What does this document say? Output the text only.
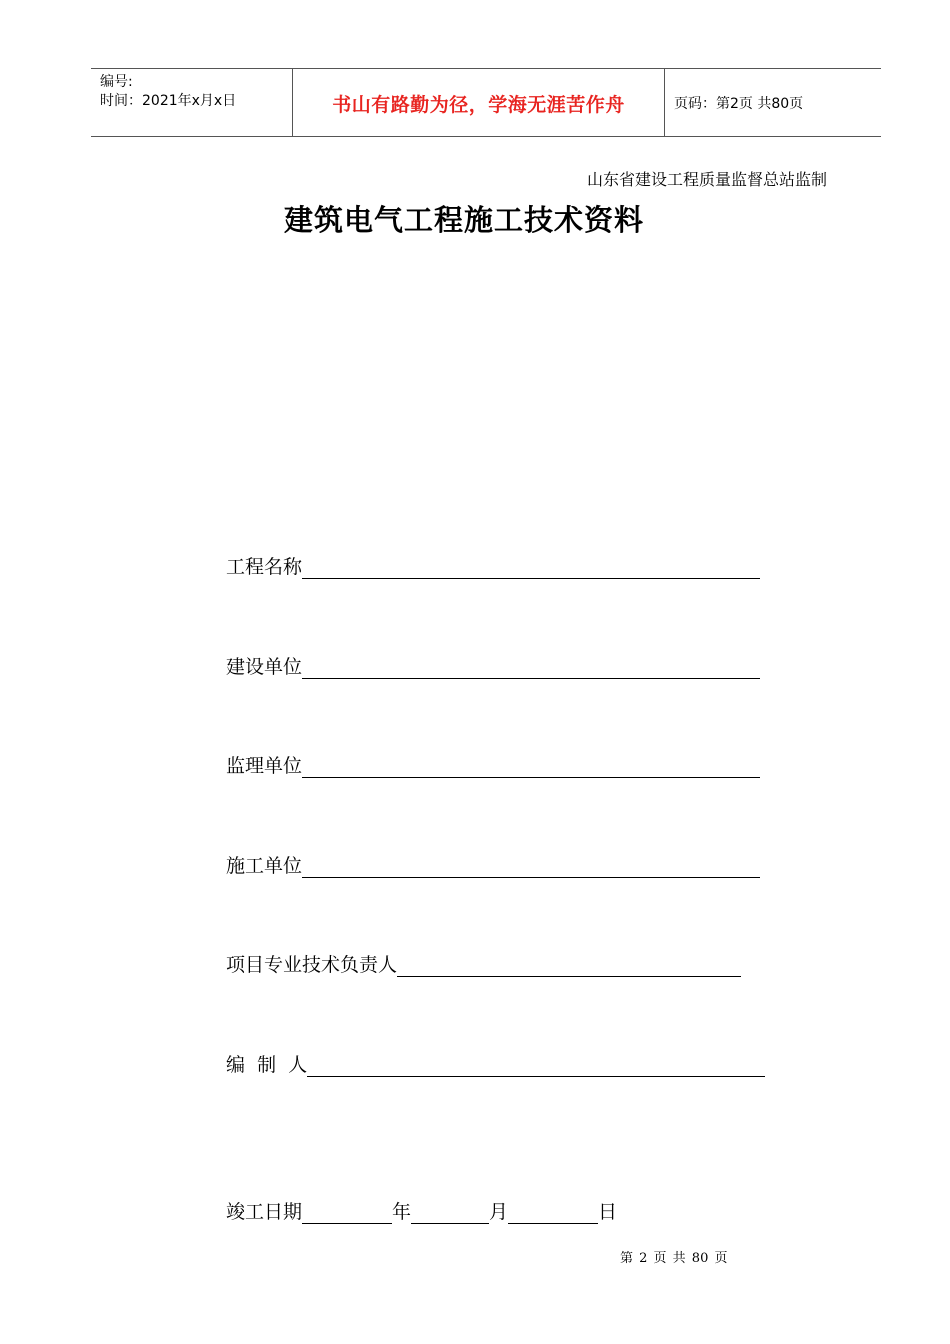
编号:
时间：2021年x月x日	书山有路勤为径，学海无涯苦作舟	页码：第2页 共80页
山东省建设工程质量监督总站监制
建筑电气工程施工技术资料
工程名称
建设单位
监理单位
施工单位
项目专业技术负责人
编  制  人
竣工日期	年	月	日
第 2 页 共 80 页
